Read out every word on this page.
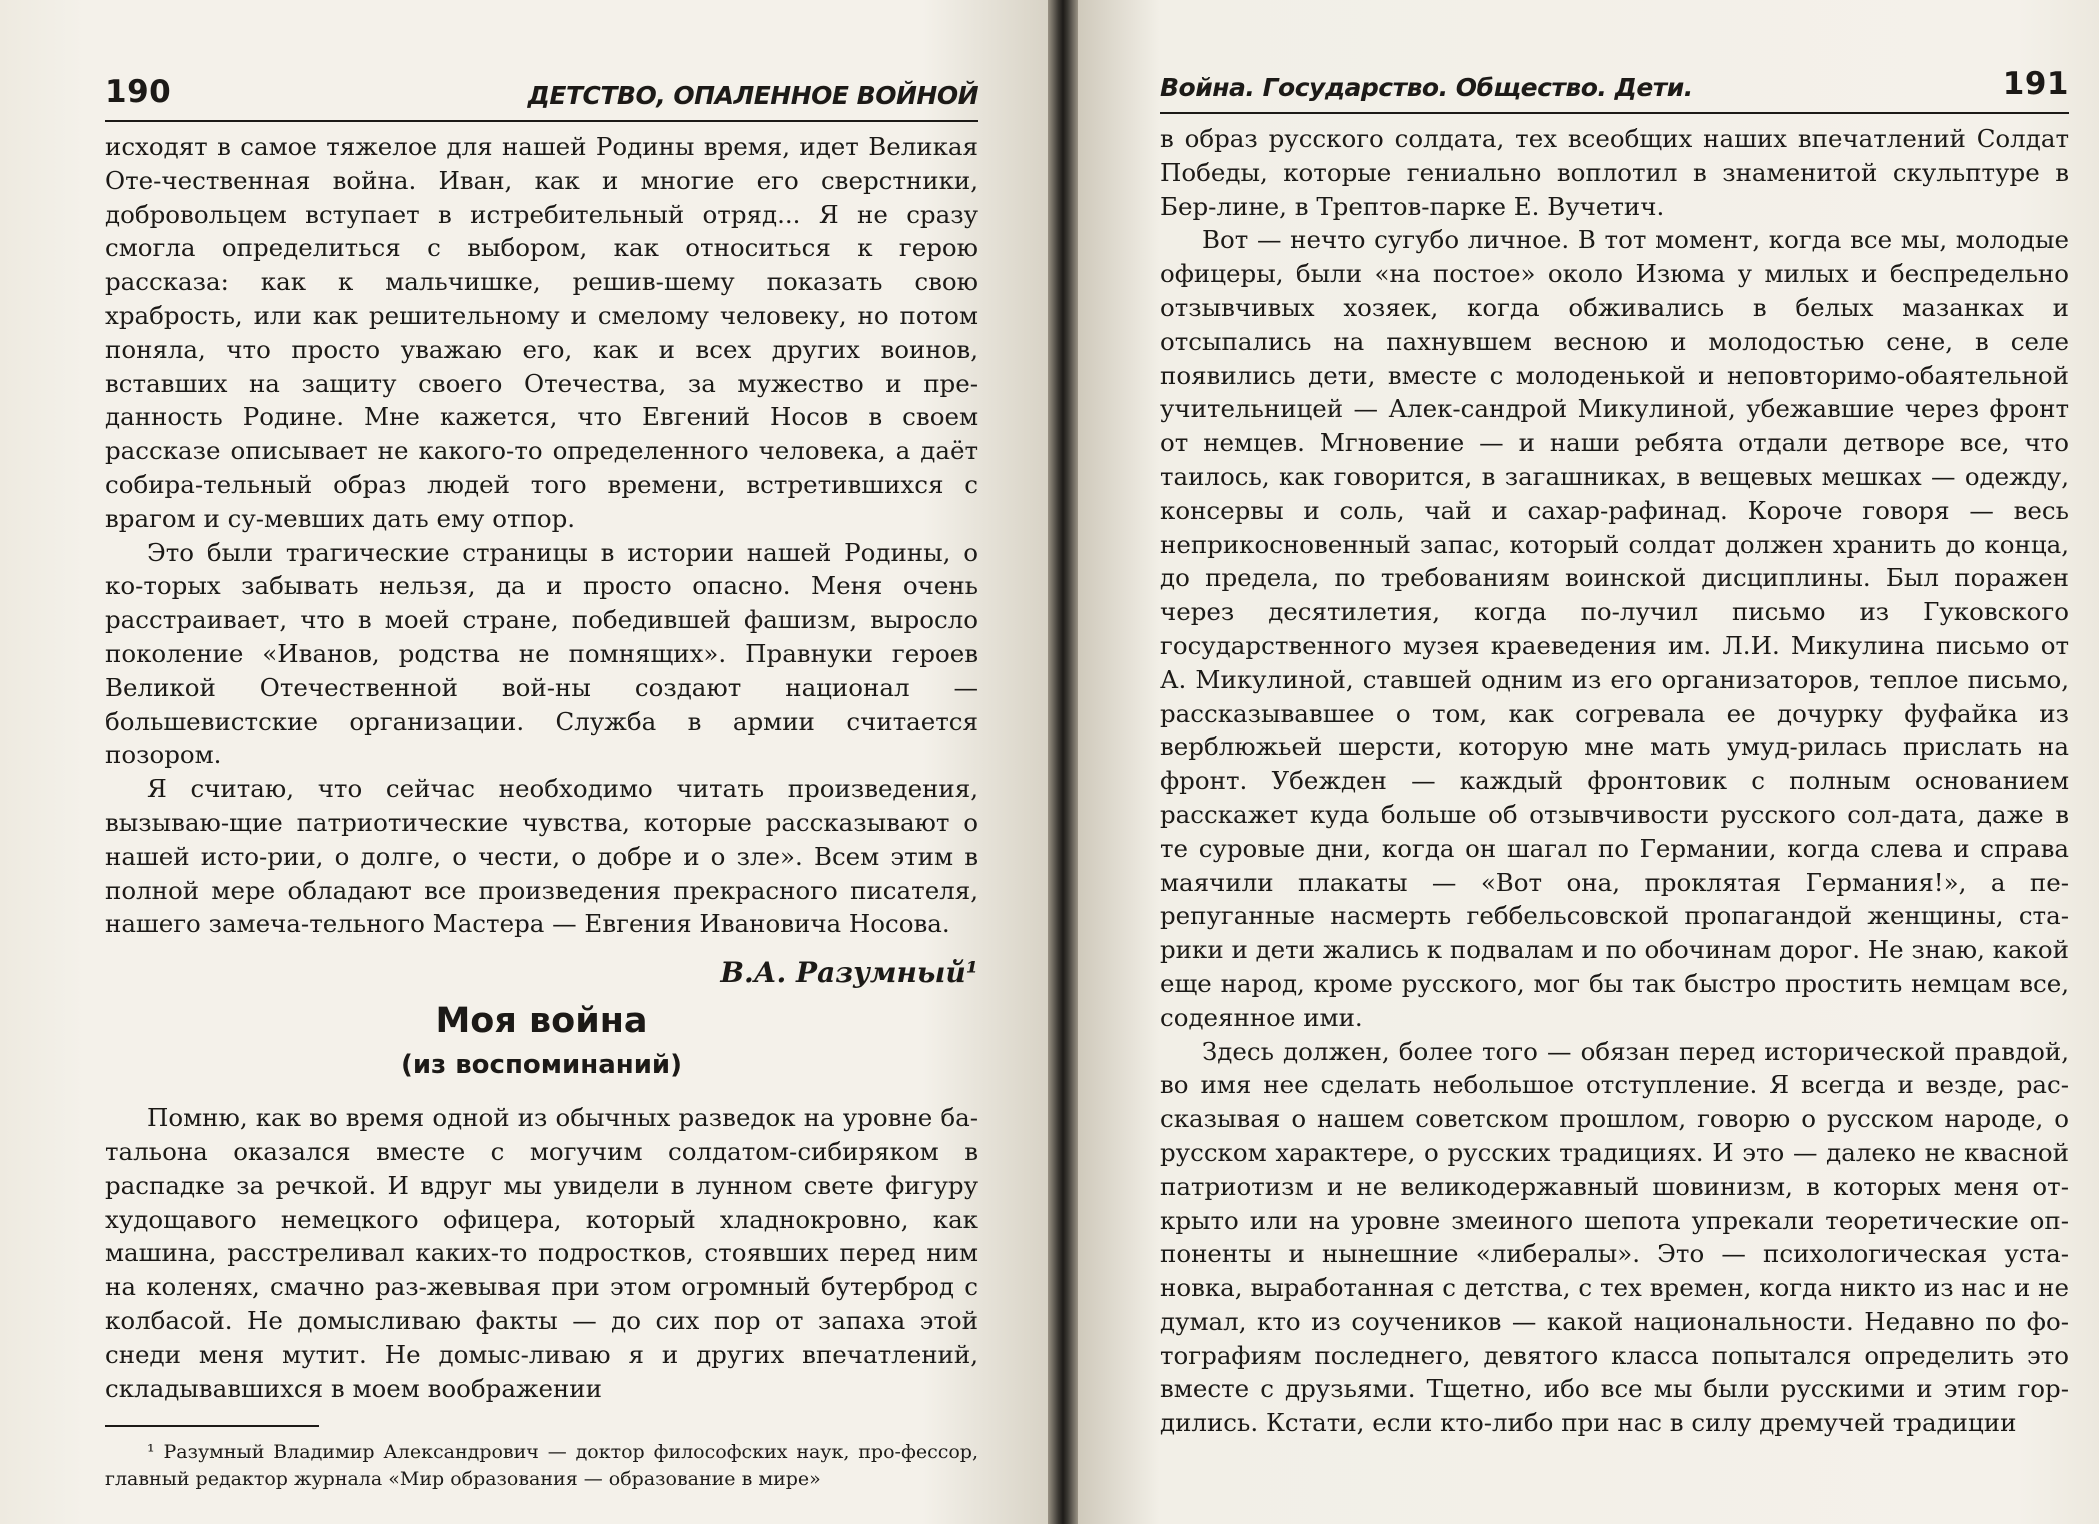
190	ДЕТСТВО, ОПАЛЕННОЕ ВОЙНОЙ

исходят в самое тяжелое для нашей Родины время, идет Великая Оте-чественная война. Иван, как и многие его сверстники, добровольцем вступает в истребительный отряд... Я не сразу смогла определиться с выбором, как относиться к герою рассказа: как к мальчишке, решив-шему показать свою храбрость, или как решительному и смелому человеку, но потом поняла, что просто уважаю его, как и всех других воинов, вставших на защиту своего Отечества, за мужество и пре-данность Родине. Мне кажется, что Евгений Носов в своем рассказе описывает не какого-то определенного человека, а даёт собира-тельный образ людей того времени, встретившихся с врагом и су-мевших дать ему отпор.

Это были трагические страницы в истории нашей Родины, о ко-торых забывать нельзя, да и просто опасно. Меня очень расстраивает, что в моей стране, победившей фашизм, выросло поколение «Иванов, родства не помнящих». Правнуки героев Великой Отечественной вой-ны создают национал — большевистские организации. Служба в армии считается позором.

Я считаю, что сейчас необходимо читать произведения, вызываю-щие патриотические чувства, которые рассказывают о нашей исто-рии, о долге, о чести, о добре и о зле». Всем этим в полной мере обладают все произведения прекрасного писателя, нашего замеча-тельного Мастера — Евгения Ивановича Носова.

В.А. Разумный¹
Моя война
(из воспоминаний)

Помню, как во время одной из обычных разведок на уровне ба-тальона оказался вместе с могучим солдатом-сибиряком в распадке за речкой. И вдруг мы увидели в лунном свете фигуру худощавого немецкого офицера, который хладнокровно, как машина, расстреливал каких-то подростков, стоявших перед ним на коленях, смачно раз-жевывая при этом огромный бутерброд с колбасой. Не домысливаю факты — до сих пор от запаха этой снеди меня мутит. Не домыс-ливаю я и других впечатлений, складывавшихся в моем воображении

¹ Разумный Владимир Александрович — доктор философских наук, про-фессор, главный редактор журнала «Мир образования — образование в мире»
Война. Государство. Общество. Дети.	191

в образ русского солдата, тех всеобщих наших впечатлений Солдат Победы, которые гениально воплотил в знаменитой скульптуре в Бер-лине, в Трептов-парке Е. Вучетич.

Вот — нечто сугубо личное. В тот момент, когда все мы, молодые офицеры, были «на постое» около Изюма у милых и беспредельно отзывчивых хозяек, когда обживались в белых мазанках и отсыпались на пахнувшем весною и молодостью сене, в селе появились дети, вместе с молоденькой и неповторимо-обаятельной учительницей — Алек-сандрой Микулиной, убежавшие через фронт от немцев. Мгновение — и наши ребята отдали детворе все, что таилось, как говорится, в загашниках, в вещевых мешках — одежду, консервы и соль, чай и сахар-рафинад. Короче говоря — весь неприкосновенный запас, который солдат должен хранить до конца, до предела, по требованиям воинской дисциплины. Был поражен через десятилетия, когда по-лучил письмо из Гуковского государственного музея краеведения им. Л.И. Микулина письмо от А. Микулиной, ставшей одним из его организаторов, теплое письмо, рассказывавшее о том, как согревала ее дочурку фуфайка из верблюжьей шерсти, которую мне мать умуд-рилась прислать на фронт. Убежден — каждый фронтовик с полным основанием расскажет куда больше об отзывчивости русского сол-дата, даже в те суровые дни, когда он шагал по Германии, когда слева и справа маячили плакаты — «Вот она, проклятая Германия!», а пе-репуганные насмерть геббельсовской пропагандой женщины, ста-рики и дети жались к подвалам и по обочинам дорог. Не знаю, какой еще народ, кроме русского, мог бы так быстро простить немцам все, содеянное ими.

Здесь должен, более того — обязан перед исторической правдой, во имя нее сделать небольшое отступление. Я всегда и везде, рас-сказывая о нашем советском прошлом, говорю о русском народе, о русском характере, о русских традициях. И это — далеко не квасной патриотизм и не великодержавный шовинизм, в которых меня от-крыто или на уровне змеиного шепота упрекали теоретические оп-поненты и нынешние «либералы». Это — психологическая уста-новка, выработанная с детства, с тех времен, когда никто из нас и не думал, кто из соучеников — какой национальности. Недавно по фо-тографиям последнего, девятого класса попытался определить это вместе с друзьями. Тщетно, ибо все мы были русскими и этим гор-дились. Кстати, если кто-либо при нас в силу дремучей традиции
